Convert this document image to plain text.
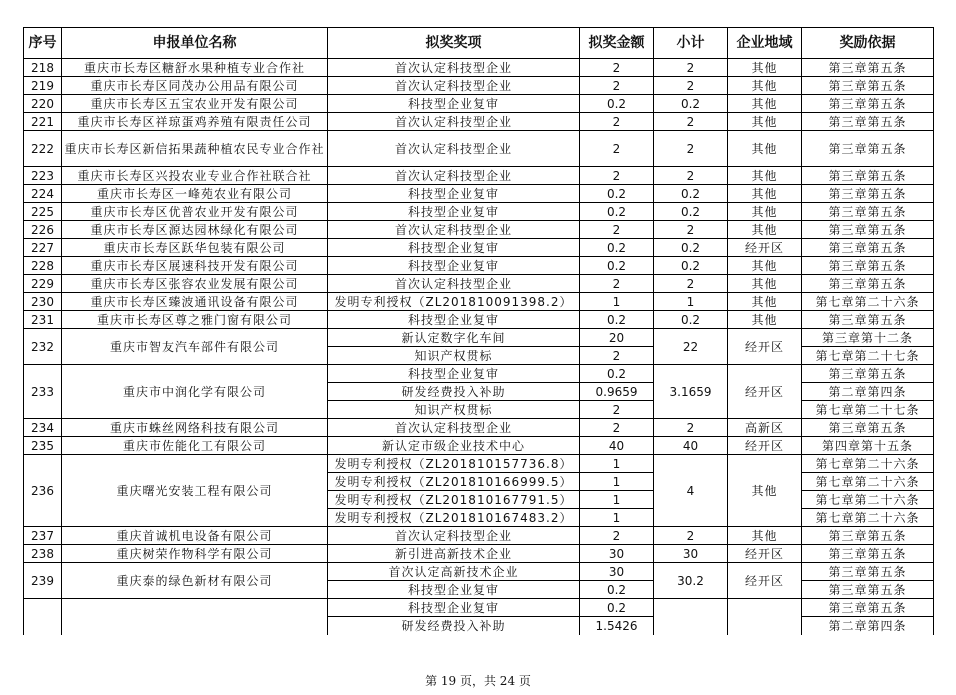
序号	申报单位名称	拟奖奖项	拟奖金额	小计	企业地域	奖励依据
218	重庆市长寿区糖舒水果种植专业合作社	首次认定科技型企业	2	2	其他	第三章第五条
219	重庆市长寿区同茂办公用品有限公司	首次认定科技型企业	2	2	其他	第三章第五条
220	重庆市长寿区五宝农业开发有限公司	科技型企业复审	0.2	0.2	其他	第三章第五条
221	重庆市长寿区祥琼蛋鸡养殖有限责任公司	首次认定科技型企业	2	2	其他	第三章第五条
222	重庆市长寿区新信拓果蔬种植农民专业合作社	首次认定科技型企业	2	2	其他	第三章第五条
223	重庆市长寿区兴投农业专业合作社联合社	首次认定科技型企业	2	2	其他	第三章第五条
224	重庆市长寿区一峰苑农业有限公司	科技型企业复审	0.2	0.2	其他	第三章第五条
225	重庆市长寿区优普农业开发有限公司	科技型企业复审	0.2	0.2	其他	第三章第五条
226	重庆市长寿区源达园林绿化有限公司	首次认定科技型企业	2	2	其他	第三章第五条
227	重庆市长寿区跃华包装有限公司	科技型企业复审	0.2	0.2	经开区	第三章第五条
228	重庆市长寿区展速科技开发有限公司	科技型企业复审	0.2	0.2	其他	第三章第五条
229	重庆市长寿区张容农业发展有限公司	首次认定科技型企业	2	2	其他	第三章第五条
230	重庆市长寿区臻波通讯设备有限公司	发明专利授权（ZL201810091398.2）	1	1	其他	第七章第二十六条
231	重庆市长寿区尊之雅门窗有限公司	科技型企业复审	0.2	0.2	其他	第三章第五条
232	重庆市智友汽车部件有限公司	新认定数字化车间	20	22	经开区	第三章第十二条
		知识产权贯标	2			第七章第二十七条
233	重庆市中润化学有限公司	科技型企业复审	0.2	3.1659	经开区	第三章第五条
		研发经费投入补助	0.9659			第二章第四条
		知识产权贯标	2			第七章第二十七条
234	重庆市蛛丝网络科技有限公司	首次认定科技型企业	2	2	高新区	第三章第五条
235	重庆市佐能化工有限公司	新认定市级企业技术中心	40	40	经开区	第四章第十五条
236	重庆曙光安装工程有限公司	发明专利授权（ZL201810157736.8）	1	4	其他	第七章第二十六条
		发明专利授权（ZL201810166999.5）	1			第七章第二十六条
		发明专利授权（ZL201810167791.5）	1			第七章第二十六条
		发明专利授权（ZL201810167483.2）	1			第七章第二十六条
237	重庆首诚机电设备有限公司	首次认定科技型企业	2	2	其他	第三章第五条
238	重庆树荣作物科学有限公司	新引进高新技术企业	30	30	经开区	第三章第五条
239	重庆泰的绿色新材有限公司	首次认定高新技术企业	30	30.2	经开区	第三章第五条
		科技型企业复审	0.2			第三章第五条
		科技型企业复审	0.2			第三章第五条
		研发经费投入补助	1.5426			第二章第四条
第 19 页，共 24 页
